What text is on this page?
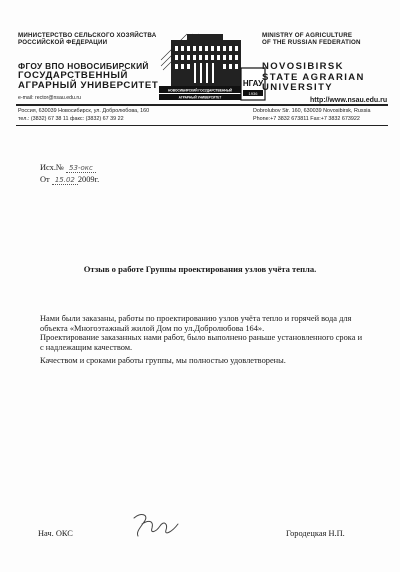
МИНИСТЕРСТВО СЕЛЬСКОГО ХОЗЯЙСТВА
РОССИЙСКОЙ ФЕДЕРАЦИИ
ФГОУ ВПО НОВОСИБИРСКИЙ
ГОСУДАРСТВЕННЫЙ
АГРАРНЫЙ УНИВЕРСИТЕТ
e-mail: rector@nsau.edu.ru
НОВОСИБИРСКИЙ ГОСУДАРСТВЕННЫЙ
АГРАРНЫЙ УНИВЕРСИТЕТ
НГАУ
1936
MINISTRY OF AGRICULTURE
OF THE RUSSIAN FEDERATION
NOVOSIBIRSK
STATE AGRARIAN
UNIVERSITY
http://www.nsau.edu.ru
Россия, 630039 Новосибирск, ул. Добролюбова, 160
тел.: (3832) 67 38 11 факс: (3832) 67 39 22
Dobrolubov Str. 160, 630039 Novosibirsk, Russia
Phone:+7 3832 673811 Fax:+7 3832 673922
Исх.№ 53-окс
От 15.02 2009г.
Отзыв о работе Группы проектирования узлов учёта тепла.

Нами были заказаны, работы по проектированию узлов учёта тепло и горячей вода для

объекта «Многоэтажный жилой Дом по ул.Добролюбова 164».

Проектирование заказанных нами работ, было выполнено раньше установленного срока и

с надлежащим качеством.

Качеством и сроками работы группы, мы полностью удовлетворены.

Нач. ОКС	Городецкая Н.П.
